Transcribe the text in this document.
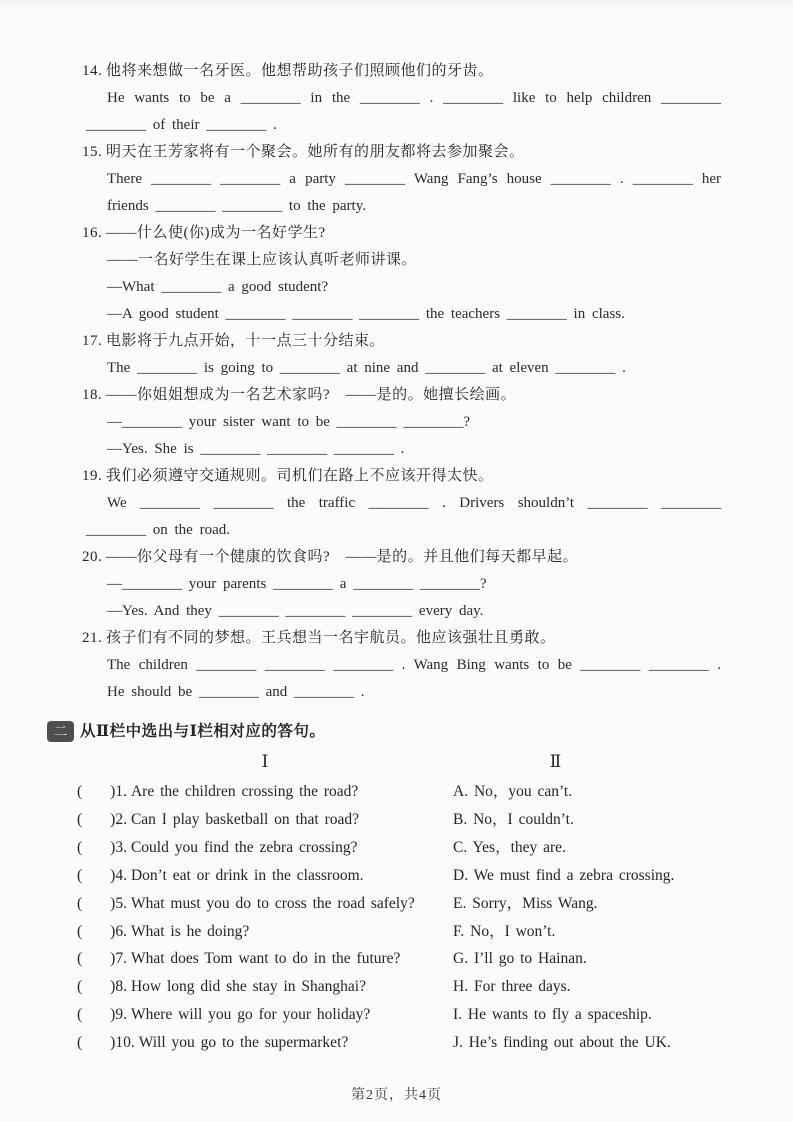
14. 他将来想做一名牙医。他想帮助孩子们照顾他们的牙齿。
He wants to be a ________ in the ________ . ________ like to help children ________
________ of their ________ .
15. 明天在王芳家将有一个聚会。她所有的朋友都将去参加聚会。
There ________ ________ a party ________ Wang Fang’s house ________ . ________ her
friends ________ ________ to the party.
16. ——什么使(你)成为一名好学生?
——一名好学生在课上应该认真听老师讲课。
—What ________ a good student?
—A good student ________ ________ ________ the teachers ________ in class.
17. 电影将于九点开始，十一点三十分结束。
The ________ is going to ________ at nine and ________ at eleven ________ .
18. ——你姐姐想成为一名艺术家吗?　——是的。她擅长绘画。
—________ your sister want to be ________ ________?
—Yes. She is ________ ________ ________ .
19. 我们必须遵守交通规则。司机们在路上不应该开得太快。
We ________ ________ the traffic ________ . Drivers shouldn’t ________ ________
________ on the road.
20. ——你父母有一个健康的饮食吗?　——是的。并且他们每天都早起。
—________ your parents ________ a ________ ________?
—Yes. And they ________ ________ ________ every day.
21. 孩子们有不同的梦想。王兵想当一名宇航员。他应该强壮且勇敢。
The children ________ ________ ________ . Wang Bing wants to be ________ ________ .
He should be ________ and ________ .
二 从Ⅱ栏中选出与Ⅰ栏相对应的答句。
Ⅰ	Ⅱ
( )1. Are the children crossing the road?	A. No，you can’t.
( )2. Can I play basketball on that road?	B. No，I couldn’t.
( )3. Could you find the zebra crossing?	C. Yes，they are.
( )4. Don’t eat or drink in the classroom.	D. We must find a zebra crossing.
( )5. What must you do to cross the road safely?	E. Sorry，Miss Wang.
( )6. What is he doing?	F. No，I won’t.
( )7. What does Tom want to do in the future?	G. I’ll go to Hainan.
( )8. How long did she stay in Shanghai?	H. For three days.
( )9. Where will you go for your holiday?	I. He wants to fly a spaceship.
( )10. Will you go to the supermarket?	J. He’s finding out about the UK.
第2页，共4页
